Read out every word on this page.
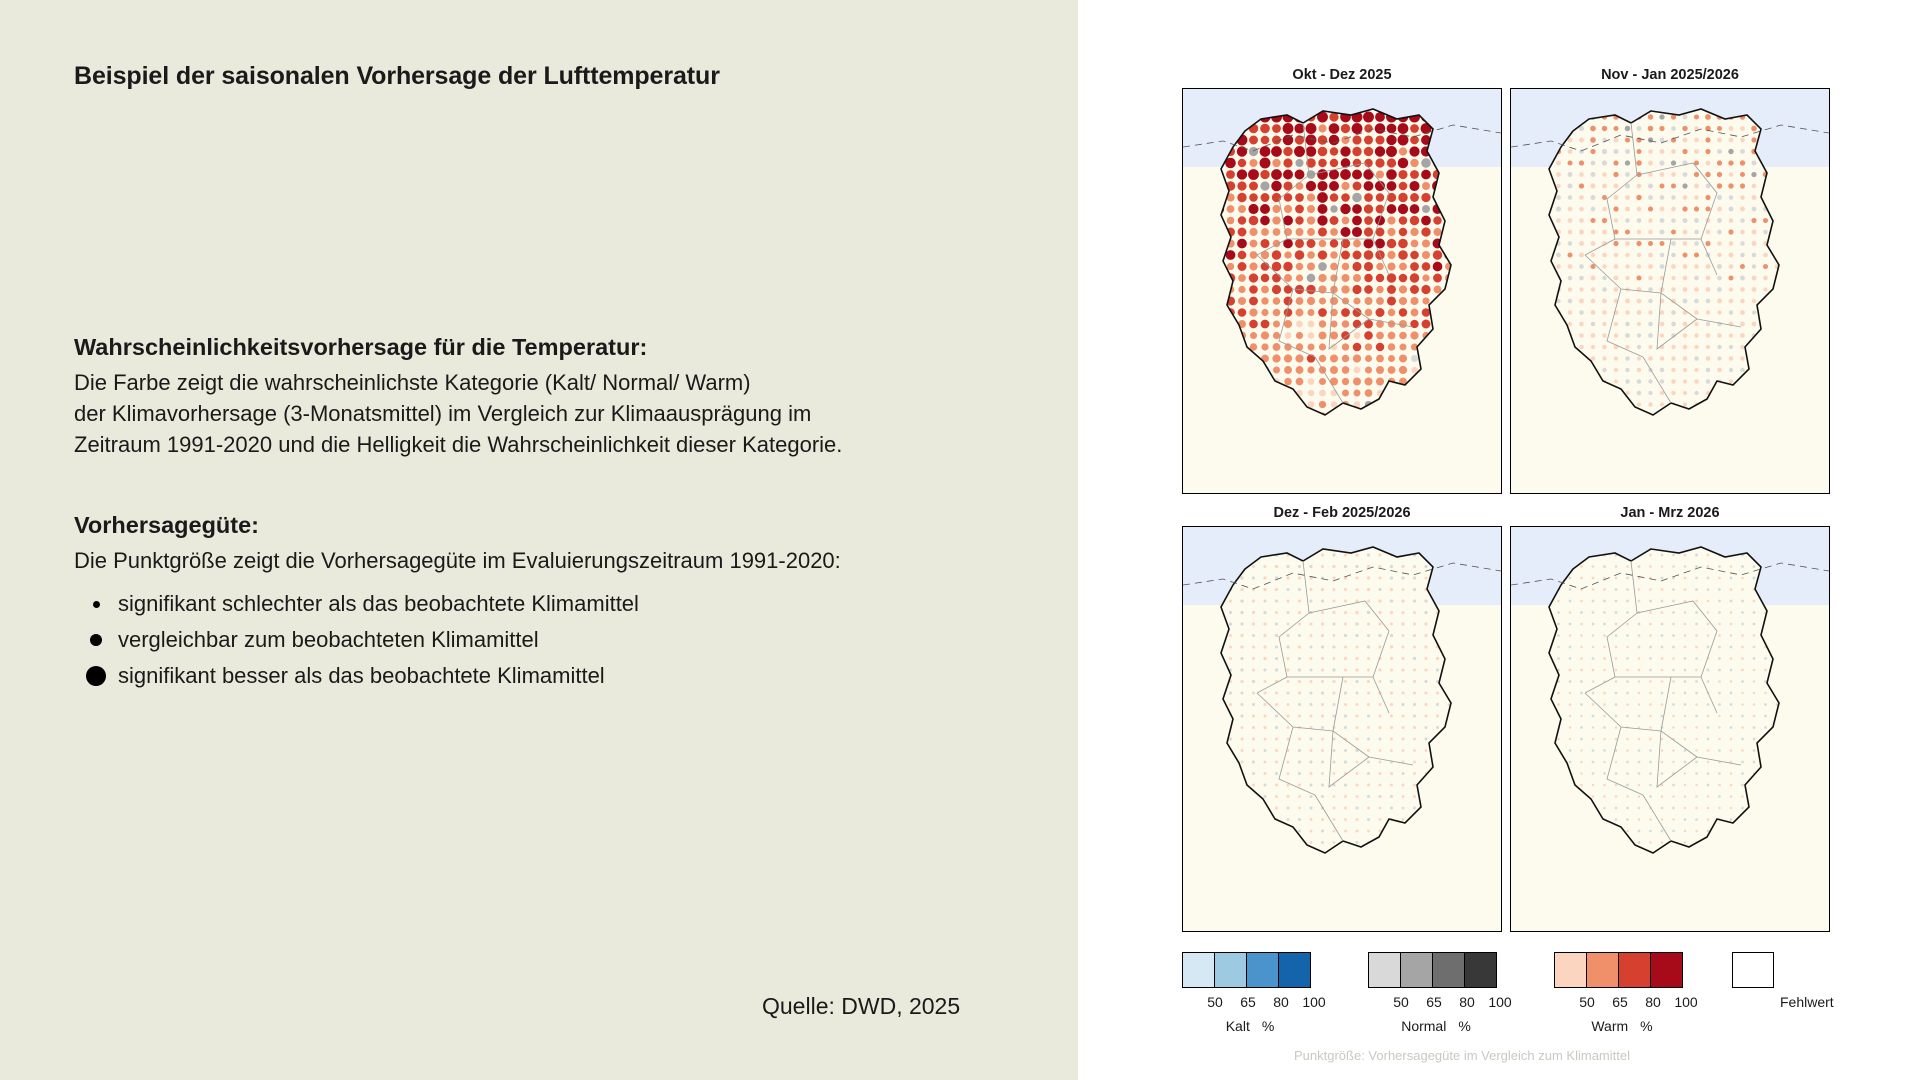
Beispiel der saisonalen Vorhersage der Lufttemperatur
Wahrscheinlichkeitsvorhersage für die Temperatur:
Die Farbe zeigt die wahrscheinlichste Kategorie (Kalt/ Normal/ Warm)
der Klimavorhersage (3-Monatsmittel) im Vergleich zur Klimaausprägung im
Zeitraum 1991-2020 und die Helligkeit die Wahrscheinlichkeit dieser Kategorie.
Vorhersagegüte:
Die Punktgröße zeigt die Vorhersagegüte im Evaluierungszeitraum 1991-2020:
signifikant schlechter als das beobachtete Klimamittel
vergleichbar zum beobachteten Klimamittel
signifikant besser als das beobachtete Klimamittel
Quelle: DWD, 2025
Okt - Dez 2025	Nov - Jan 2025/2026
Dez - Feb 2025/2026	Jan - Mrz 2026
50 65 80 100
Kalt %
50 65 80 100
Normal %
50 65 80 100
Warm %
Fehlwert
Punktgröße: Vorhersagegüte im Vergleich zum Klimamittel
